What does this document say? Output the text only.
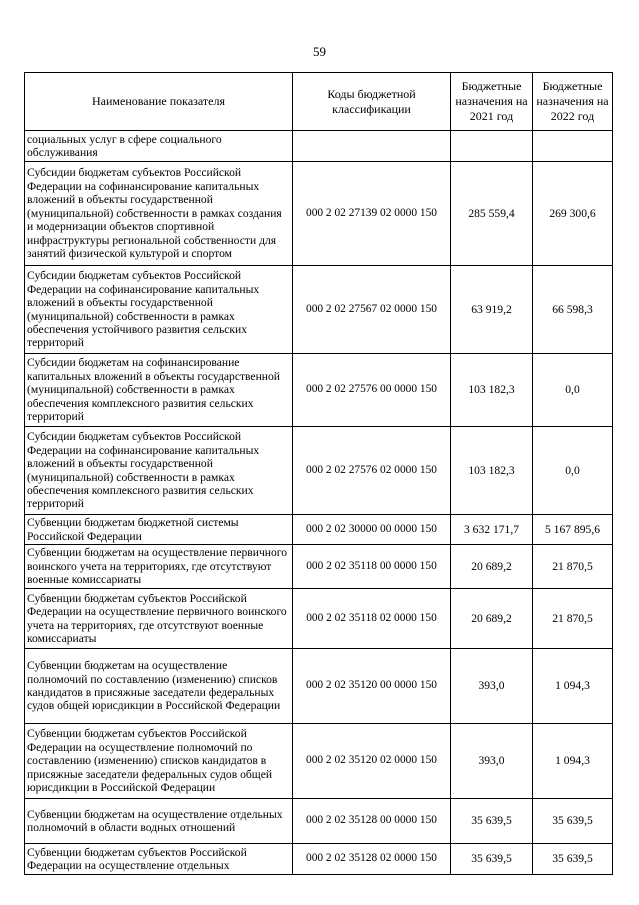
59
Наименование показателя	Коды бюджетной классификации	Бюджетные назначения на 2021 год	Бюджетные назначения на 2022 год
социальных услуг в сфере социального обслуживания			
Субсидии бюджетам субъектов Российской Федерации на софинансирование капитальных вложений в объекты государственной (муниципальной) собственности в рамках создания и модернизации объектов спортивной инфраструктуры региональной собственности для занятий физической культурой и спортом	000 2 02 27139 02 0000 150	285 559,4	269 300,6
Субсидии бюджетам субъектов Российской Федерации на софинансирование капитальных вложений в объекты государственной (муниципальной) собственности в рамках обеспечения устойчивого развития сельских территорий	000 2 02 27567 02 0000 150	63 919,2	66 598,3
Субсидии бюджетам на софинансирование капитальных вложений в объекты государственной (муниципальной) собственности в рамках обеспечения комплексного развития сельских территорий	000 2 02 27576 00 0000 150	103 182,3	0,0
Субсидии бюджетам субъектов Российской Федерации на софинансирование капитальных вложений в объекты государственной (муниципальной) собственности в рамках обеспечения комплексного развития сельских территорий	000 2 02 27576 02 0000 150	103 182,3	0,0
Субвенции бюджетам бюджетной системы Российской Федерации	000 2 02 30000 00 0000 150	3 632 171,7	5 167 895,6
Субвенции бюджетам на осуществление первичного воинского учета на территориях, где отсутствуют военные комиссариаты	000 2 02 35118 00 0000 150	20 689,2	21 870,5
Субвенции бюджетам субъектов Российской Федерации на осуществление первичного воинского учета на территориях, где отсутствуют военные комиссариаты	000 2 02 35118 02 0000 150	20 689,2	21 870,5
Субвенции бюджетам на осуществление полномочий по составлению (изменению) списков кандидатов в присяжные заседатели федеральных судов общей юрисдикции в Российской Федерации	000 2 02 35120 00 0000 150	393,0	1 094,3
Субвенции бюджетам субъектов Российской Федерации на осуществление полномочий по составлению (изменению) списков кандидатов в присяжные заседатели федеральных судов общей юрисдикции в Российской Федерации	000 2 02 35120 02 0000 150	393,0	1 094,3
Субвенции бюджетам на осуществление отдельных полномочий в области водных отношений	000 2 02 35128 00 0000 150	35 639,5	35 639,5
Субвенции бюджетам субъектов Российской Федерации на осуществление отдельных	000 2 02 35128 02 0000 150	35 639,5	35 639,5
